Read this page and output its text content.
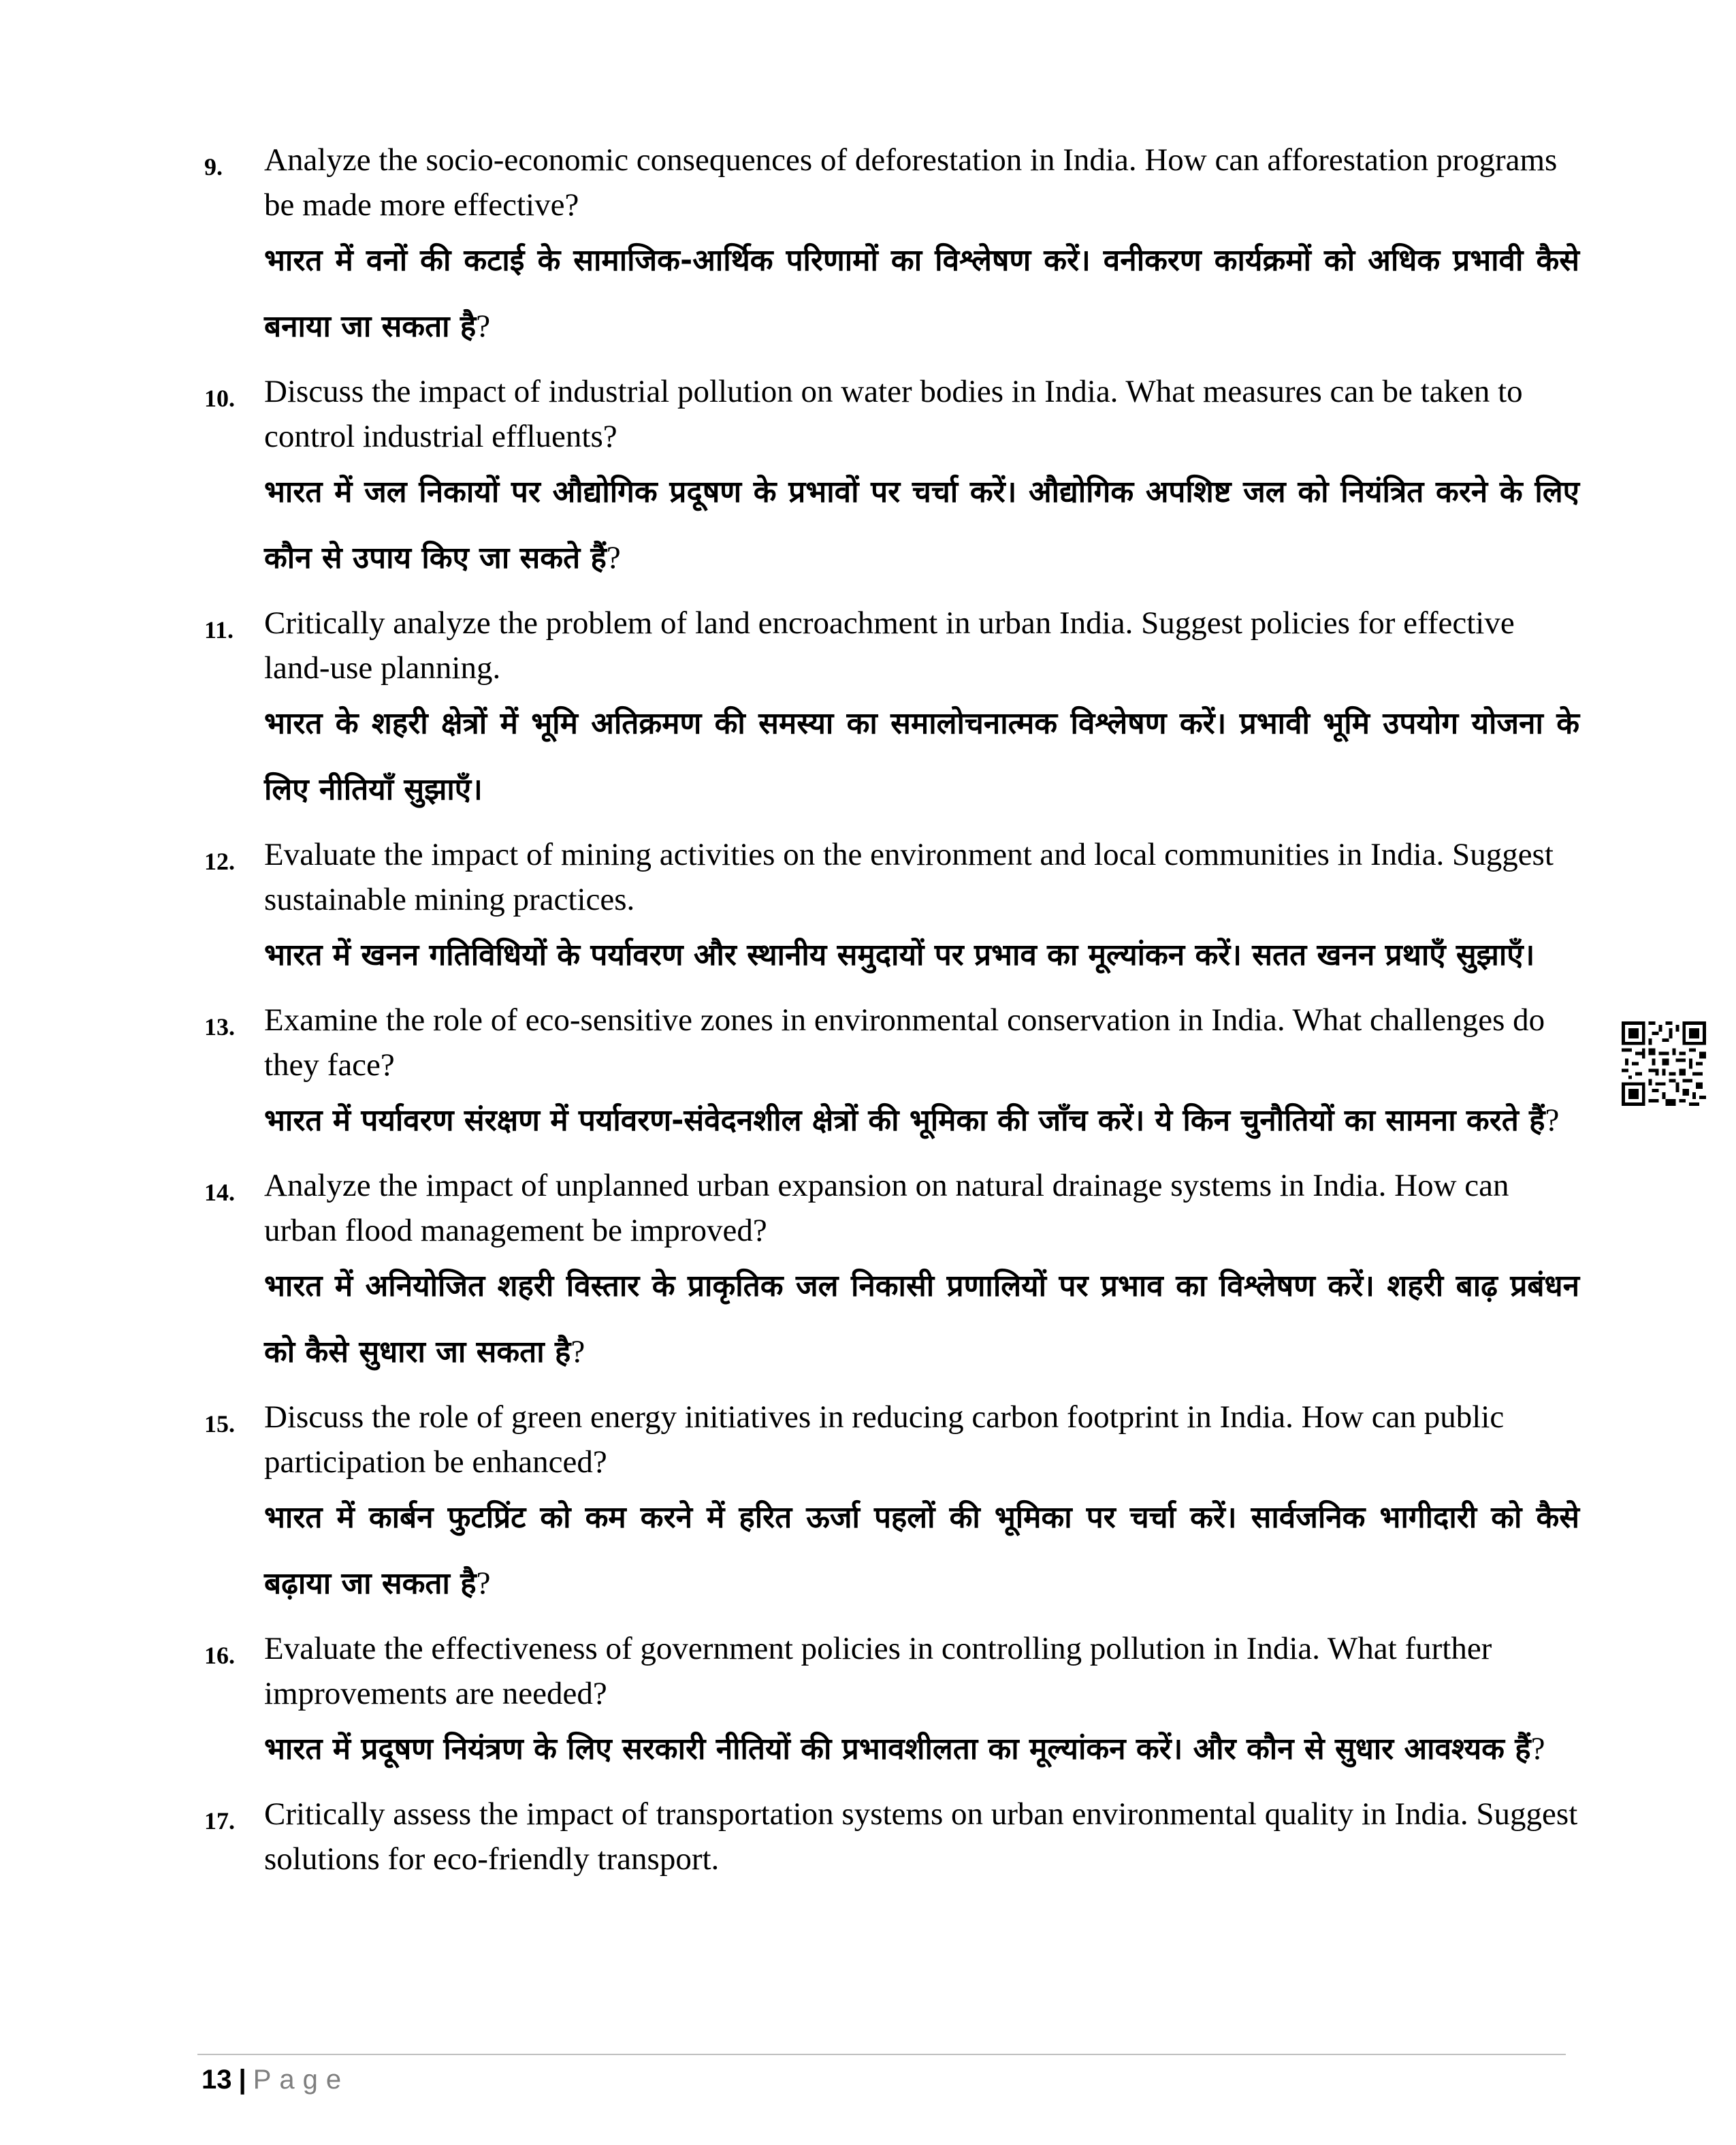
9. Analyze the socio-economic consequences of deforestation in India. How can afforestation programs be made more effective?

भारत में वनों की कटाई के सामाजिक-आर्थिक परिणामों का विश्लेषण करें। वनीकरण कार्यक्रमों को अधिक प्रभावी कैसे बनाया जा सकता है?

10. Discuss the impact of industrial pollution on water bodies in India. What measures can be taken to control industrial effluents?

भारत में जल निकायों पर औद्योगिक प्रदूषण के प्रभावों पर चर्चा करें। औद्योगिक अपशिष्ट जल को नियंत्रित करने के लिए कौन से उपाय किए जा सकते हैं?

11. Critically analyze the problem of land encroachment in urban India. Suggest policies for effective land-use planning.

भारत के शहरी क्षेत्रों में भूमि अतिक्रमण की समस्या का समालोचनात्मक विश्लेषण करें। प्रभावी भूमि उपयोग योजना के लिए नीतियाँ सुझाएँ।

12. Evaluate the impact of mining activities on the environment and local communities in India. Suggest sustainable mining practices.

भारत में खनन गतिविधियों के पर्यावरण और स्थानीय समुदायों पर प्रभाव का मूल्यांकन करें। सतत खनन प्रथाएँ सुझाएँ।

13. Examine the role of eco-sensitive zones in environmental conservation in India. What challenges do they face?

भारत में पर्यावरण संरक्षण में पर्यावरण-संवेदनशील क्षेत्रों की भूमिका की जाँच करें। ये किन चुनौतियों का सामना करते हैं?

14. Analyze the impact of unplanned urban expansion on natural drainage systems in India. How can urban flood management be improved?

भारत में अनियोजित शहरी विस्तार के प्राकृतिक जल निकासी प्रणालियों पर प्रभाव का विश्लेषण करें। शहरी बाढ़ प्रबंधन को कैसे सुधारा जा सकता है?

15. Discuss the role of green energy initiatives in reducing carbon footprint in India. How can public participation be enhanced?

भारत में कार्बन फुटप्रिंट को कम करने में हरित ऊर्जा पहलों की भूमिका पर चर्चा करें। सार्वजनिक भागीदारी को कैसे बढ़ाया जा सकता है?

16. Evaluate the effectiveness of government policies in controlling pollution in India. What further improvements are needed?

भारत में प्रदूषण नियंत्रण के लिए सरकारी नीतियों की प्रभावशीलता का मूल्यांकन करें। और कौन से सुधार आवश्यक हैं?

17. Critically assess the impact of transportation systems on urban environmental quality in India. Suggest solutions for eco-friendly transport.

13 | Page
